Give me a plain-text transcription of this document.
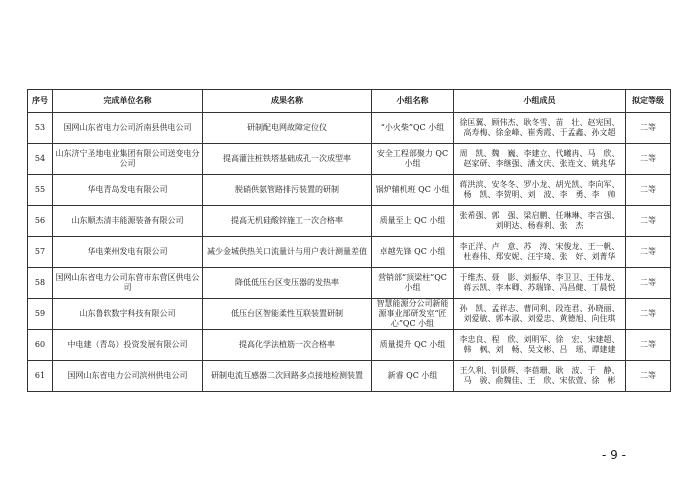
序号	完成单位名称	成果名称	小组名称	小组成员	拟定等级
53	国网山东省电力公司沂南县供电公司	研制配电网故障定位仪	“小火柴”QC 小组	徐匡翼、顾伟杰、耿冬雪、苗　壮、赵宪国、
高寿梅、徐金峰、崔秀霞、于孟鑫、孙文超	二等
54	山东济宁圣地电业集团有限公司送变电分公司	提高灌注桩铁塔基础成孔一次成型率	安全工程部聚力 QC 小组	周　凯、魏　巍、李建立、代曦冉、马　欣、
赵家研、李继强、潘文庆、张连文、姚兆华	二等
55	华电青岛发电有限公司	脱硝供氨管路排污装置的研制	锅炉辅机班 QC 小组	蒋洪滨、安冬冬、罗小龙、胡光凯、李向军、
杨　凯、李贺明、刘　波、李　勇、李　帅	二等
56	山东顺杰清丰能源装备有限公司	提高无机硅酸锌施工一次合格率	质量至上 QC 小组	张希强、郭　强、梁启鹏、任琳琳、李言强、
刘明达、杨春利、张　杰	二等
57	华电莱州发电有限公司	减少金城供热关口流量计与用户表计测量差值	卓越先锋 QC 小组	李正洋、卢　意、苏　涛、宋俊龙、王一帆、
杜春伟、郑安妮、汪宇琦、张　好、刘菁华	二等
58	国网山东省电力公司东营市东营区供电公司	降低低压台区变压器的发热率	营销部“顶梁柱”QC 小组	于维杰、聂　影、刘振华、李卫卫、王伟龙、
蒋云凯、李本卿、苏瑞锋、冯昌健、丁晨悦	二等
59	山东鲁软数字科技有限公司	低压台区智能柔性互联装置研制	智慧能源分公司新能源事业部研发室“匠心”QC 小组	孙　凯、孟祥志、曹同利、段连君、孙晓丽、
刘爱敏、郭本淑、刘爱忠、黄德旭、向住琪	二等
60	中电建（青岛）投资发展有限公司	提高化学法植筋一次合格率	质量提升 QC 小组	李忠良、程　欣、刘明军、徐　宏、宋建超、
韩　枫、刘　畅、吴文彬、吕　瑶、谭建建	二等
61	国网山东省电力公司滨州供电公司	研制电流互感器二次回路多点接地检测装置	新睿 QC 小组	王久利、钊景辉、李蓓珊、耿　波、于　静、
马　骏、俞魏佳、王　欣、宋依萱、徐　彬	二等
- 9 -
